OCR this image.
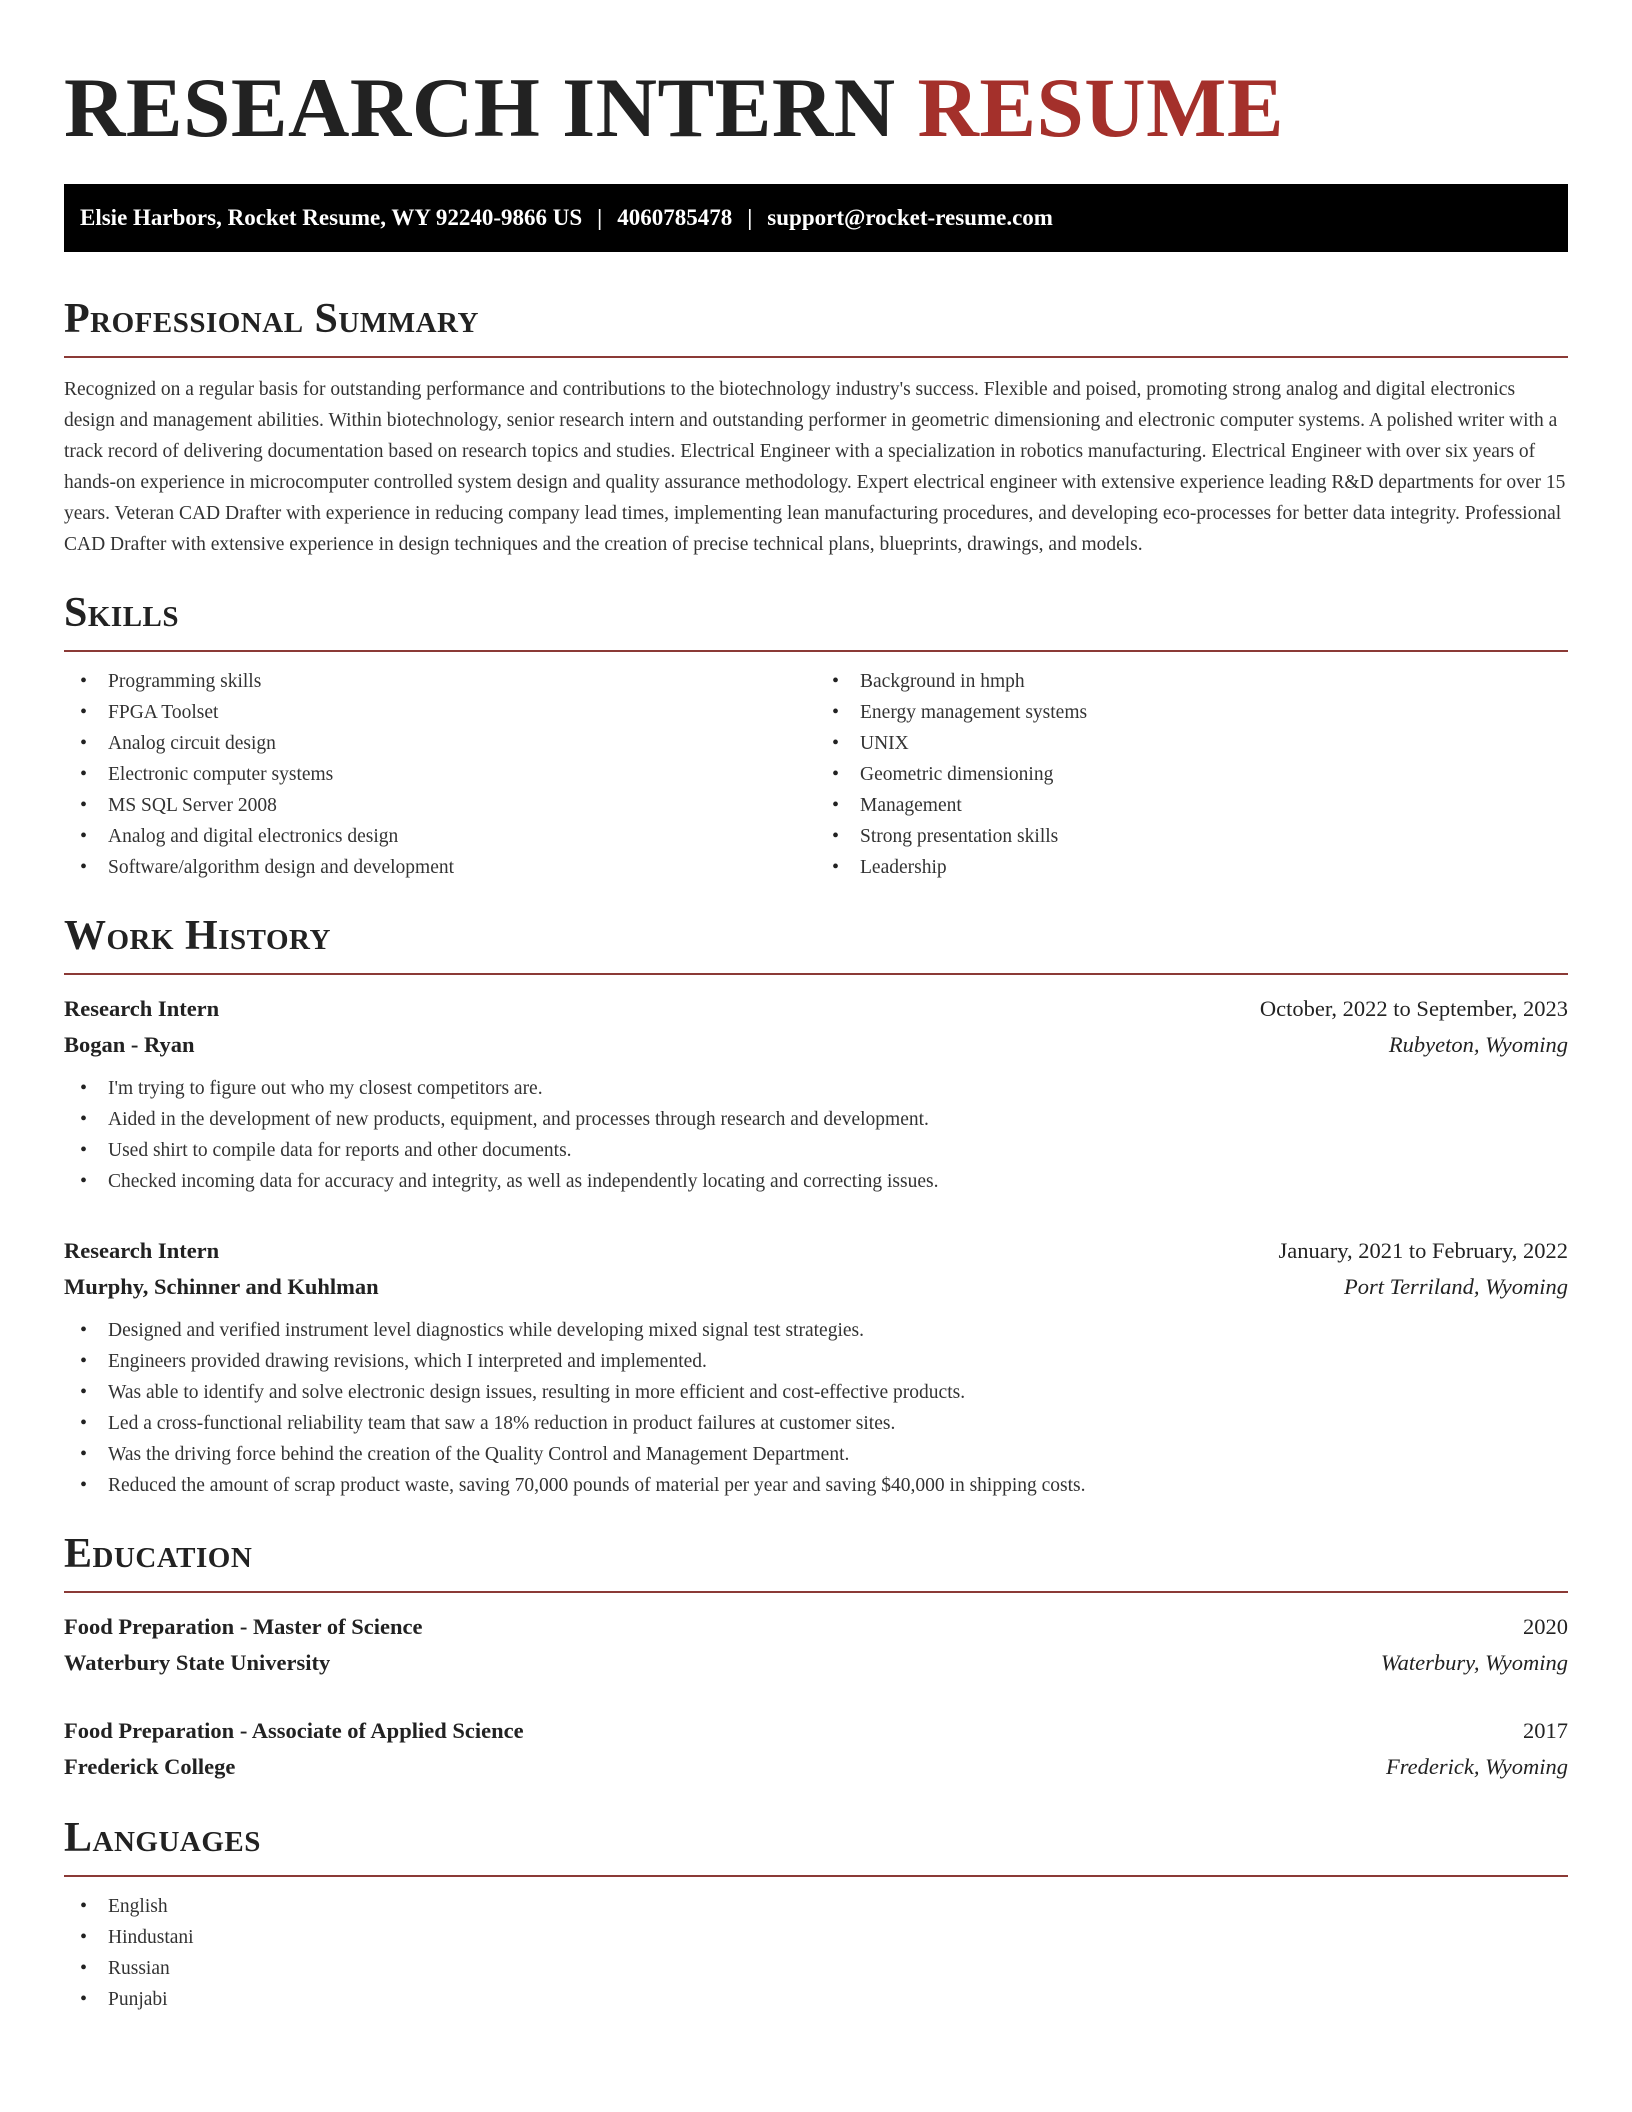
RESEARCH INTERN RESUME
Elsie Harbors, Rocket Resume, WY 92240-9866 US | 4060785478 | support@rocket-resume.com
Professional Summary

Recognized on a regular basis for outstanding performance and contributions to the biotechnology industry's success. Flexible and poised, promoting strong analog and digital electronics design and management abilities. Within biotechnology, senior research intern and outstanding performer in geometric dimensioning and electronic computer systems. A polished writer with a track record of delivering documentation based on research topics and studies. Electrical Engineer with a specialization in robotics manufacturing. Electrical Engineer with over six years of hands-on experience in microcomputer controlled system design and quality assurance methodology. Expert electrical engineer with extensive experience leading R&D departments for over 15 years. Veteran CAD Drafter with experience in reducing company lead times, implementing lean manufacturing procedures, and developing eco-processes for better data integrity. Professional CAD Drafter with extensive experience in design techniques and the creation of precise technical plans, blueprints, drawings, and models.

Skills
• Programming skills
• FPGA Toolset
• Analog circuit design
• Electronic computer systems
• MS SQL Server 2008
• Analog and digital electronics design
• Software/algorithm design and development
• Background in hmph
• Energy management systems
• UNIX
• Geometric dimensioning
• Management
• Strong presentation skills
• Leadership
Work History
Research Intern	October, 2022 to September, 2023
Bogan - Ryan	Rubyeton, Wyoming
• I'm trying to figure out who my closest competitors are.
• Aided in the development of new products, equipment, and processes through research and development.
• Used shirt to compile data for reports and other documents.
• Checked incoming data for accuracy and integrity, as well as independently locating and correcting issues.
Research Intern	January, 2021 to February, 2022
Murphy, Schinner and Kuhlman	Port Terriland, Wyoming
• Designed and verified instrument level diagnostics while developing mixed signal test strategies.
• Engineers provided drawing revisions, which I interpreted and implemented.
• Was able to identify and solve electronic design issues, resulting in more efficient and cost-effective products.
• Led a cross-functional reliability team that saw a 18% reduction in product failures at customer sites.
• Was the driving force behind the creation of the Quality Control and Management Department.
• Reduced the amount of scrap product waste, saving 70,000 pounds of material per year and saving $40,000 in shipping costs.
Education
Food Preparation - Master of Science	2020
Waterbury State University	Waterbury, Wyoming
Food Preparation - Associate of Applied Science	2017
Frederick College	Frederick, Wyoming
Languages
• English
• Hindustani
• Russian
• Punjabi
